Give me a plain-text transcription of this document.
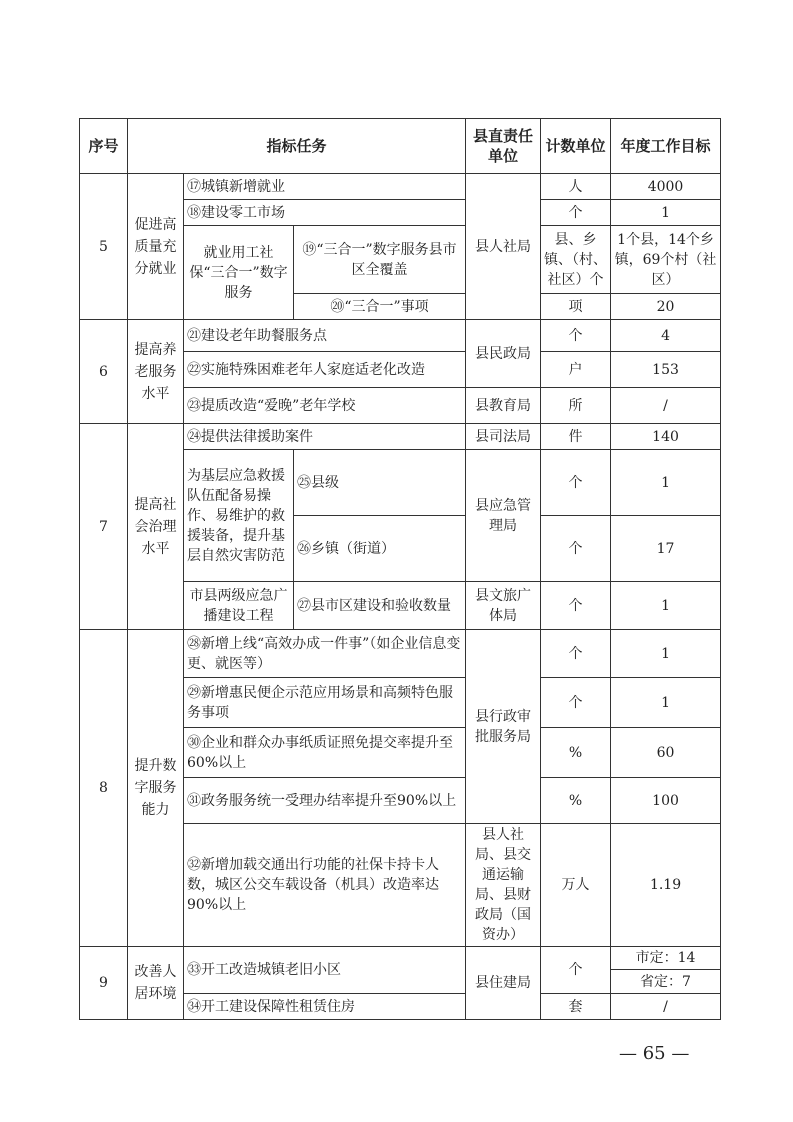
序号	指标任务			县直责任单位	计数单位	年度工作目标
5	促进高质量充分就业	⑰城镇新增就业		县人社局	人	4000
		⑱建设零工市场			个	1
		就业用工社保“三合一”数字服务	⑲“三合一”数字服务县市区全覆盖		县、乡镇、（村、社区）个	1个县，14个乡镇，69个村（社区）

			⑳“三合一”事项		项	20
6	提高养老服务水平	㉑建设老年助餐服务点		县民政局	个	4
		㉒实施特殊困难老年人家庭适老化改造			户	153
		㉓提质改造“爱晚”老年学校		县教育局	所	/
7	提高社会治理水平	㉔提供法律援助案件		县司法局	件	140
		为基层应急救援队伍配备易操作、易维护的救援装备，提升基层自然灾害防范	㉕县级	县应急管理局	个	1
			㉖乡镇（街道）		个	17
		市县两级应急广播建设工程	㉗县市区建设和验收数量	县文旅广体局	个	1
8	提升数字服务能力	㉘新增上线“高效办成一件事”（如企业信息变更、就医等）		县行政审批服务局	个	1
		㉙新增惠民便企示范应用场景和高频特色服务事项			个	1
		㉚企业和群众办事纸质证照免提交率提升至60%以上			%	60
		㉛政务服务统一受理办结率提升至90%以上			%	100
		㉜新增加载交通出行功能的社保卡持卡人数，城区公交车载设备（机具）改造率达90%以上		县人社局、县交通运输局、县财政局（国资办）	万人	1.19
9	改善人居环境	㉝开工改造城镇老旧小区		县住建局	个	市定：14
						省定：7
		㉞开工建设保障性租赁住房			套	/
— 65 —
